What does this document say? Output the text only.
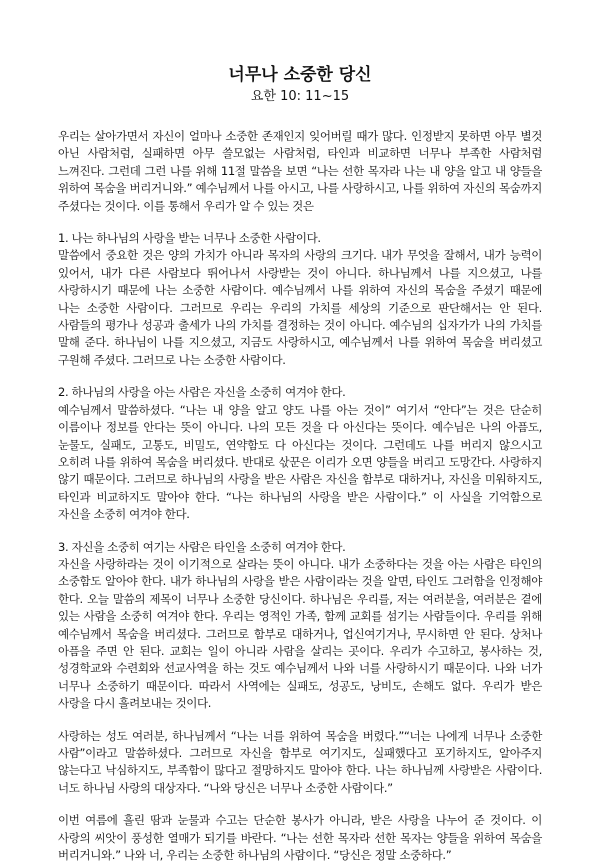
너무나 소중한 당신
요한 10: 11~15

우리는 살아가면서 자신이 얼마나 소중한 존재인지 잊어버릴 때가 많다. 인정받지 못하면 아무 별것 아닌 사람처럼, 실패하면 아무 쓸모없는 사람처럼, 타인과 비교하면 너무나 부족한 사람처럼 느껴진다. 그런데 그런 나를 위해 11절 말씀을 보면 “나는 선한 목자라 나는 내 양을 알고 내 양들을 위하여 목숨을 버리거니와.” 예수님께서 나를 아시고, 나를 사랑하시고, 나를 위하여 자신의 목숨까지 주셨다는 것이다. 이를 통해서 우리가 알 수 있는 것은

1. 나는 하나님의 사랑을 받는 너무나 소중한 사람이다.
말씀에서 중요한 것은 양의 가치가 아니라 목자의 사랑의 크기다. 내가 무엇을 잘해서, 내가 능력이 있어서, 내가 다른 사람보다 뛰어나서 사랑받는 것이 아니다. 하나님께서 나를 지으셨고, 나를 사랑하시기 때문에 나는 소중한 사람이다. 예수님께서 나를 위하여 자신의 목숨을 주셨기 때문에 나는 소중한 사람이다. 그러므로 우리는 우리의 가치를 세상의 기준으로 판단해서는 안 된다. 사람들의 평가나 성공과 출세가 나의 가치를 결정하는 것이 아니다. 예수님의 십자가가 나의 가치를 말해 준다. 하나님이 나를 지으셨고, 지금도 사랑하시고, 예수님께서 나를 위하여 목숨을 버리셨고 구원해 주셨다. 그러므로 나는 소중한 사람이다.
2. 하나님의 사랑을 아는 사람은 자신을 소중히 여겨야 한다.
예수님께서 말씀하셨다. “나는 내 양을 알고 양도 나를 아는 것이” 여기서 “안다”는 것은 단순히 이름이나 정보를 안다는 뜻이 아니다. 나의 모든 것을 다 아신다는 뜻이다. 예수님은 나의 아픔도, 눈물도, 실패도, 고통도, 비밀도, 연약함도 다 아신다는 것이다. 그런데도 나를 버리지 않으시고 오히려 나를 위하여 목숨을 버리셨다. 반대로 삯꾼은 이리가 오면 양들을 버리고 도망간다. 사랑하지 않기 때문이다. 그러므로 하나님의 사랑을 받은 사람은 자신을 함부로 대하거나, 자신을 미워하지도, 타인과 비교하지도 말아야 한다. “나는 하나님의 사랑을 받은 사람이다.” 이 사실을 기억함으로 자신을 소중히 여겨야 한다.
3. 자신을 소중히 여기는 사람은 타인을 소중히 여겨야 한다.
자신을 사랑하라는 것이 이기적으로 살라는 뜻이 아니다. 내가 소중하다는 것을 아는 사람은 타인의 소중함도 알아야 한다. 내가 하나님의 사랑을 받은 사람이라는 것을 알면, 타인도 그러함을 인정해야 한다. 오늘 말씀의 제목이 너무나 소중한 당신이다. 하나님은 우리를, 저는 여러분을, 여러분은 곁에 있는 사람을 소중히 여겨야 한다. 우리는 영적인 가족, 함께 교회를 섬기는 사람들이다. 우리를 위해 예수님께서 목숨을 버리셨다. 그러므로 함부로 대하거나, 업신여기거나, 무시하면 안 된다. 상처나 아픔을 주면 안 된다. 교회는 일이 아니라 사람을 살리는 곳이다. 우리가 수고하고, 봉사하는 것, 성경학교와 수련회와 선교사역을 하는 것도 예수님께서 나와 너를 사랑하시기 때문이다. 나와 너가 너무나 소중하기 때문이다. 따라서 사역에는 실패도, 성공도, 낭비도, 손해도 없다. 우리가 받은 사랑을 다시 흘려보내는 것이다.

사랑하는 성도 여러분, 하나님께서 “나는 너를 위하여 목숨을 버렸다.”“너는 나에게 너무나 소중한 사람”이라고 말씀하셨다. 그러므로 자신을 함부로 여기지도, 실패했다고 포기하지도, 알아주지 않는다고 낙심하지도, 부족함이 많다고 절망하지도 말아야 한다. 나는 하나님께 사랑받은 사람이다. 너도 하나님 사랑의 대상자다. “나와 당신은 너무나 소중한 사람이다.”

이번 여름에 흘린 땀과 눈물과 수고는 단순한 봉사가 아니라, 받은 사랑을 나누어 준 것이다. 이 사랑의 씨앗이 풍성한 열매가 되기를 바란다. “나는 선한 목자라 선한 목자는 양들을 위하여 목숨을 버리거니와.” 나와 너, 우리는 소중한 하나님의 사람이다. “당신은 정말 소중하다.”
